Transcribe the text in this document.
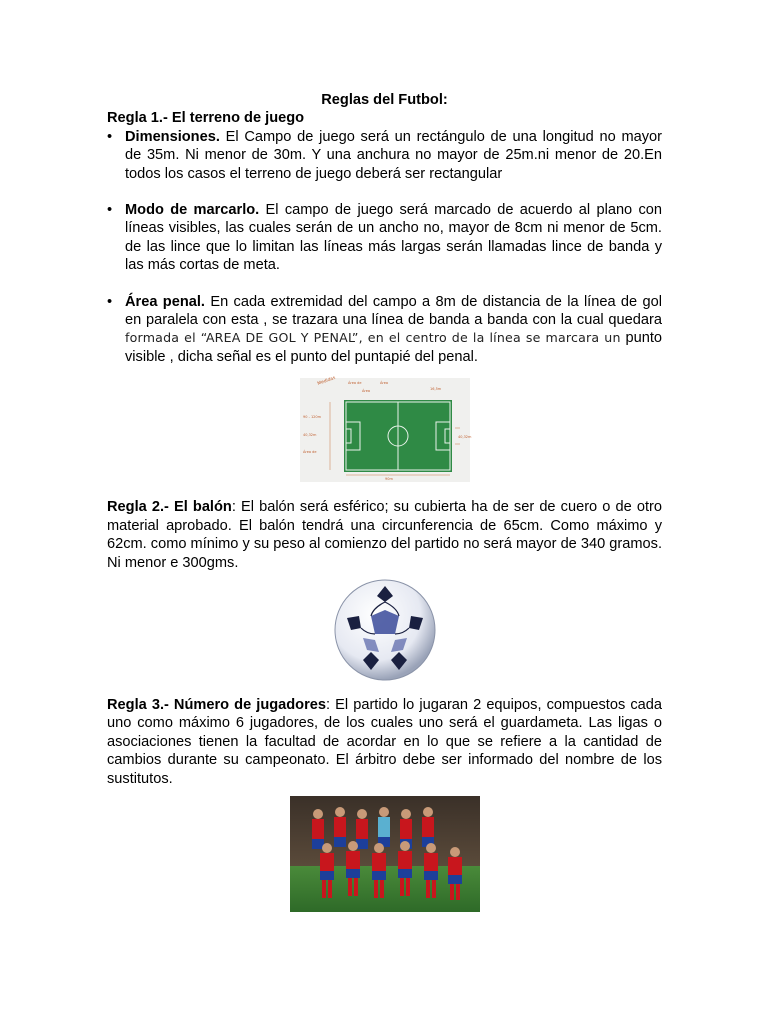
Reglas del Futbol:

Regla 1.- El terreno de juego

• Dimensiones. El Campo de juego será un rectángulo de una longitud no mayor de 35m. Ni menor de 30m. Y una anchura no mayor de 25m.ni menor de 20.En todos los casos el terreno de juego deberá ser rectangular
• Modo de marcarlo. El campo de juego será marcado de acuerdo al plano con líneas visibles, las cuales serán de un ancho no, mayor de 8cm ni menor de 5cm. de las lince que lo limitan las líneas más largas serán llamadas lince de banda y las más cortas de meta.
• Área penal. En cada extremidad del campo a 8m de distancia de la línea de gol en paralela con esta , se trazara una línea de banda a banda con la cual quedara formada el “AREA DE GOL Y PENAL”, en el centro de la línea se marcara un punto visible , dicha señal es el punto del puntapié del penal.
Medidas	Área de
Área
Área
16,5m
90 - 120m
40,32m
Área de
90m
40,32m

Regla 2.- El balón: El balón será esférico; su cubierta ha de ser de cuero o de otro material aprobado. El balón tendrá una circunferencia de 65cm. Como máximo y 62cm. como mínimo y su peso al comienzo del partido no será mayor de 340 gramos. Ni menor e 300gms.

Regla 3.- Número de jugadores: El partido lo jugaran 2 equipos, compuestos cada uno como máximo 6 jugadores, de los cuales uno será el guardameta. Las ligas o asociaciones tienen la facultad de acordar en lo que se refiere a la cantidad de cambios durante su campeonato. El árbitro debe ser informado del nombre de los sustitutos.
